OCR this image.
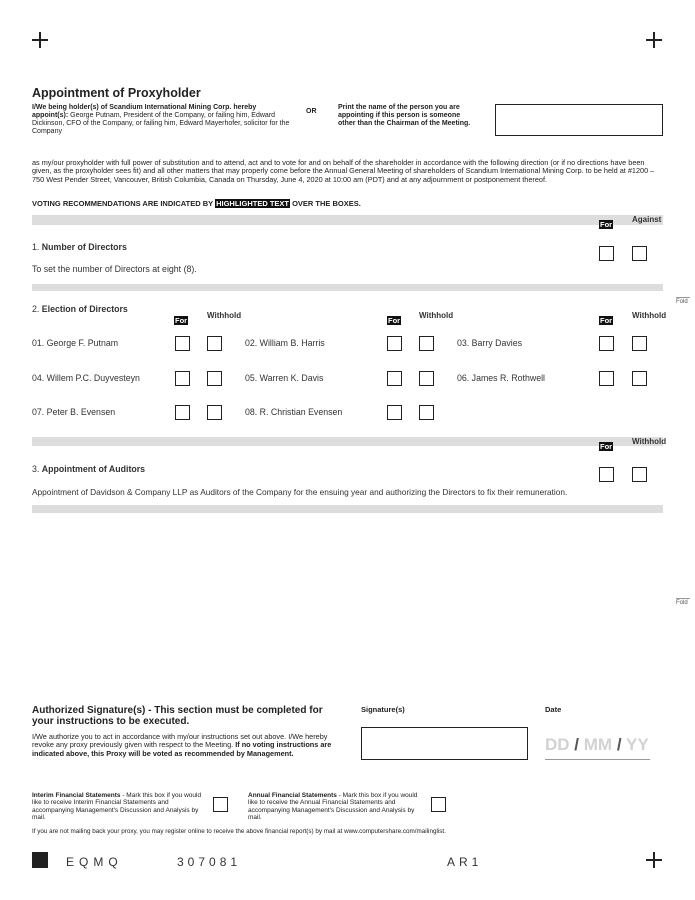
Appointment of Proxyholder
I/We being holder(s) of Scandium International Mining Corp. hereby appoint(s): George Putnam, President of the Company, or failing him, Edward Dickinson, CFO of the Company, or failing him, Edward Mayerhofer, solicitor for the Company
OR
Print the name of the person you are appointing if this person is someone other than the Chairman of the Meeting.
as my/our proxyholder with full power of substitution and to attend, act and to vote for and on behalf of the shareholder in accordance with the following direction (or if no directions have been given, as the proxyholder sees fit) and all other matters that may properly come before the Annual General Meeting of shareholders of Scandium International Mining Corp. to be held at #1200 – 750 West Pender Street, Vancouver, British Columbia, Canada on Thursday, June 4, 2020 at 10:00 am (PDT) and at any adjournment or postponement thereof.
VOTING RECOMMENDATIONS ARE INDICATED BY HIGHLIGHTED TEXT OVER THE BOXES.
For
Against
1. Number of Directors
To set the number of Directors at eight (8).
Fold
2. Election of Directors
For
Withhold
For
Withhold
For
Withhold
01. George F. Putnam	02. William B. Harris	03. Barry Davies
04. Willem P.C. Duyvesteyn	05. Warren K. Davis	06. James R. Rothwell
07. Peter B. Evensen	08. R. Christian Evensen
For
Withhold
3. Appointment of Auditors
Appointment of Davidson & Company LLP as Auditors of the Company for the ensuing year and authorizing the Directors to fix their remuneration.
Fold
Authorized Signature(s) - This section must be completed for your instructions to be executed.
I/We authorize you to act in accordance with my/our instructions set out above. I/We hereby revoke any proxy previously given with respect to the Meeting. If no voting instructions are indicated above, this Proxy will be voted as recommended by Management.
Signature(s)	Date
DD / MM / YY
Interim Financial Statements - Mark this box if you would like to receive Interim Financial Statements and accompanying Management's Discussion and Analysis by mail.
Annual Financial Statements - Mark this box if you would like to receive the Annual Financial Statements and accompanying Management's Discussion and Analysis by mail.
If you are not mailing back your proxy, you may register online to receive the above financial report(s) by mail at www.computershare.com/mailinglist.
EQMQ	307081	AR1
